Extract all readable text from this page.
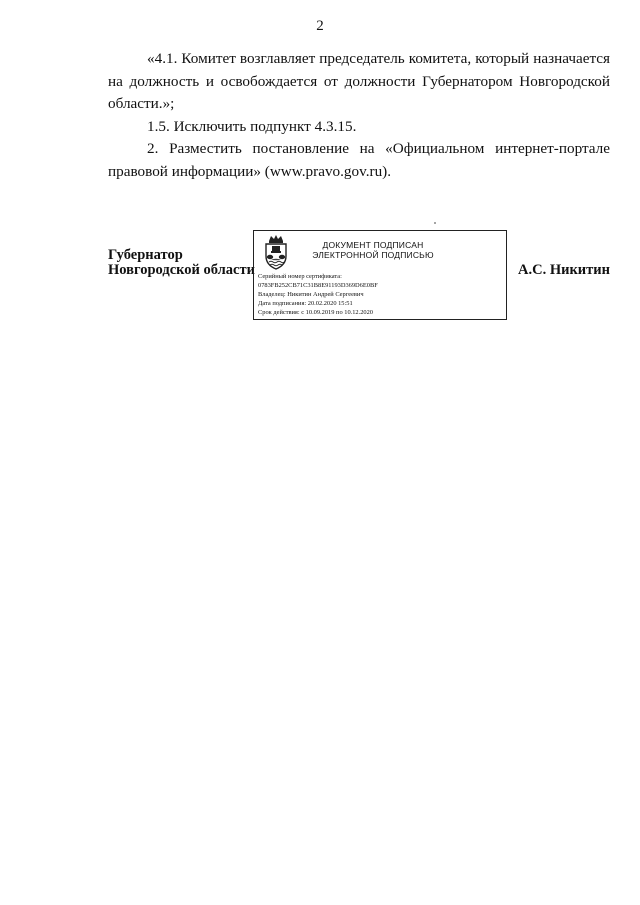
2

«4.1. Комитет возглавляет председатель комитета, который назначается на должность и освобождается от должности Губернатором Новгородской области.»;

1.5. Исключить подпункт 4.3.15.

2. Разместить постановление на «Официальном интернет-портале правовой информации» (www.pravo.gov.ru).

Губернатор
Новгородской области
ДОКУМЕНТ ПОДПИСАН
ЭЛЕКТРОННОЙ ПОДПИСЬЮ
Серийный номер сертификата:
0783FB252CB71C31B8E91193D369D6E0BF
Владелец: Никитин Андрей Сергеевич
Дата подписания: 20.02.2020 15:51
Срок действия: с 10.09.2019 по 10.12.2020
А.С. Никитин
